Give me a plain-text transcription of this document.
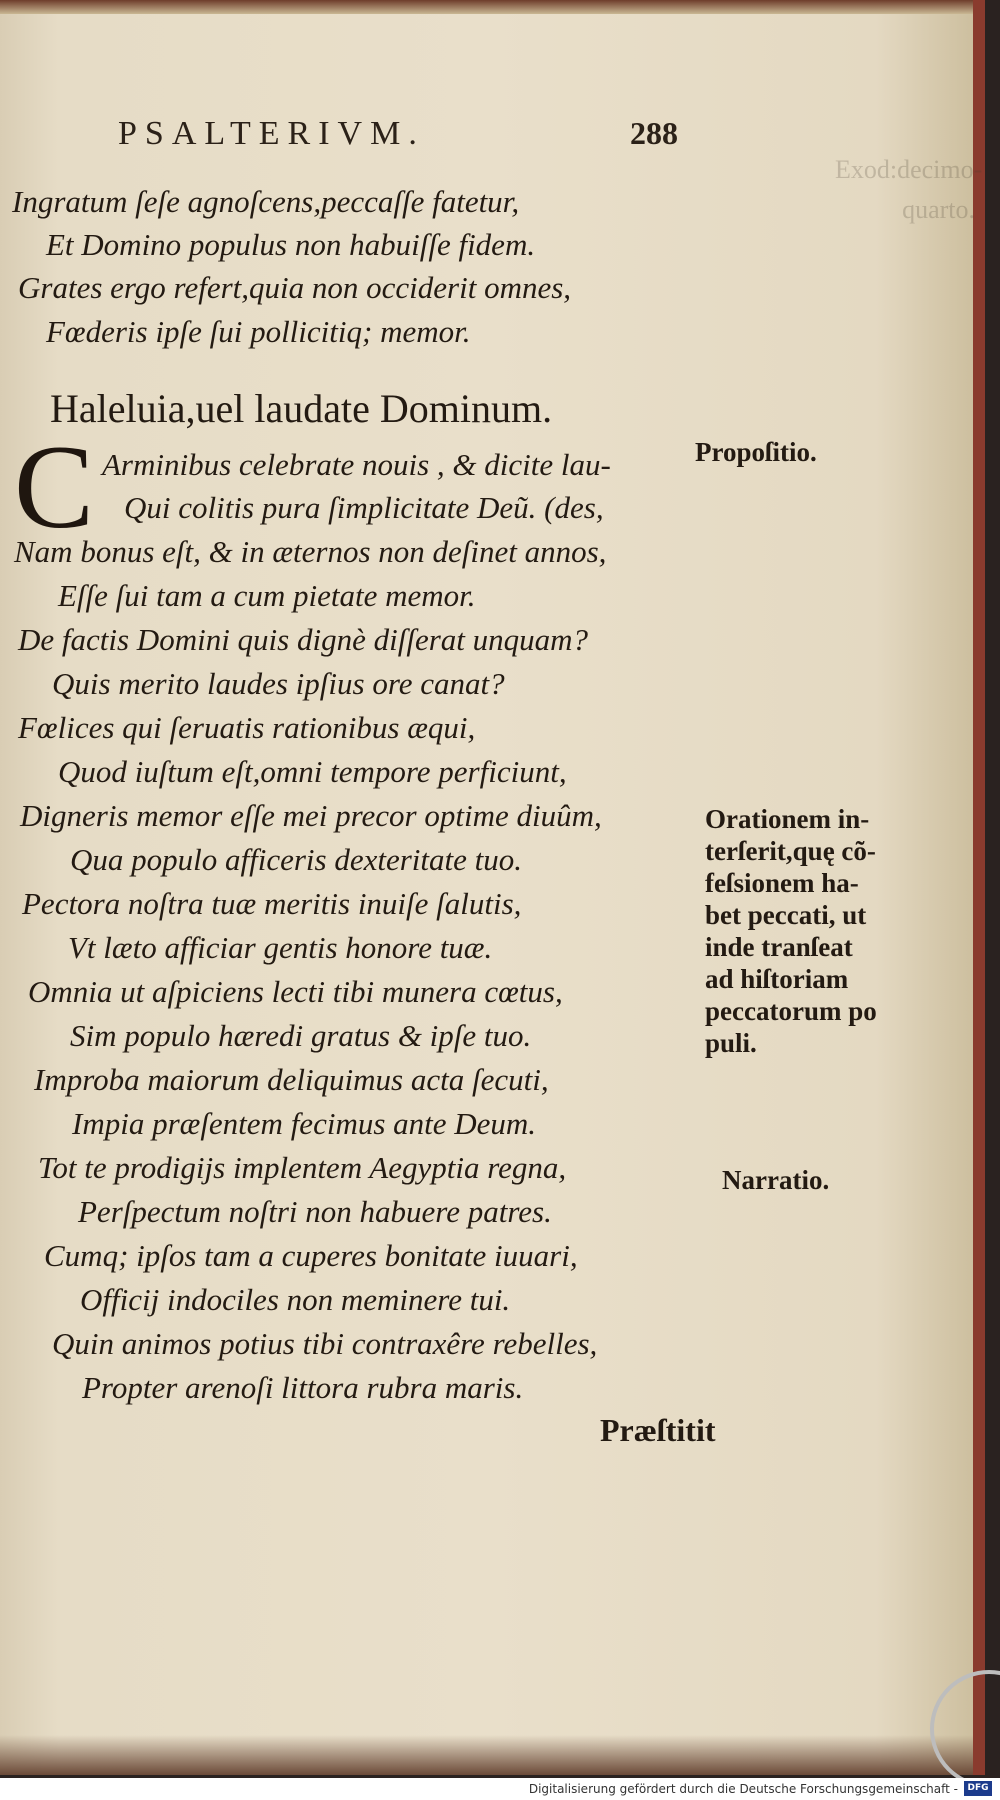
Exod:decimo-
quarto.
PSALTERIVM.	288
Ingratum ſeſe agnoſcens,peccaſſe fatetur,
Et Domino populus non habuiſſe fidem.
Grates ergo refert,quia non occiderit omnes,
Fœderis ipſe ſui pollicitiq; memor.
Haleluia,uel laudate Dominum.
C Arminibus celebrate nouis , & dicite lau-
Qui colitis pura ſimplicitate Deũ. (des,
Nam bonus eſt, & in æternos non deſinet annos,
Eſſe ſui tam a cum pietate memor.
De factis Domini quis dignè diſſerat unquam?
Quis merito laudes ipſius ore canat?
Fœlices qui ſeruatis rationibus æqui,
Quod iuſtum eſt,omni tempore perficiunt,
Digneris memor eſſe mei precor optime diuûm,
Qua populo afficeris dexteritate tuo.
Pectora noſtra tuæ meritis inuiſe ſalutis,
Vt læto afficiar gentis honore tuæ.
Omnia ut aſpiciens lecti tibi munera cœtus,
Sim populo hæredi gratus & ipſe tuo.
Improba maiorum deliquimus acta ſecuti,
Impia præſentem fecimus ante Deum.
Tot te prodigijs implentem Aegyptia regna,
Perſpectum noſtri non habuere patres.
Cumq; ipſos tam a cuperes bonitate iuuari,
Officij indociles non meminere tui.
Quin animos potius tibi contraxêre rebelles,
Propter arenoſi littora rubra maris.
Propoſitio.
Orationem in-
terſerit,quę cõ-
feſsionem ha-
bet peccati, ut
inde tranſeat
ad hiſtoriam
peccatorum po
puli.
Narratio.
Præſtitit
Digitalisierung gefördert durch die Deutsche Forschungsgemeinschaft -	DFG
